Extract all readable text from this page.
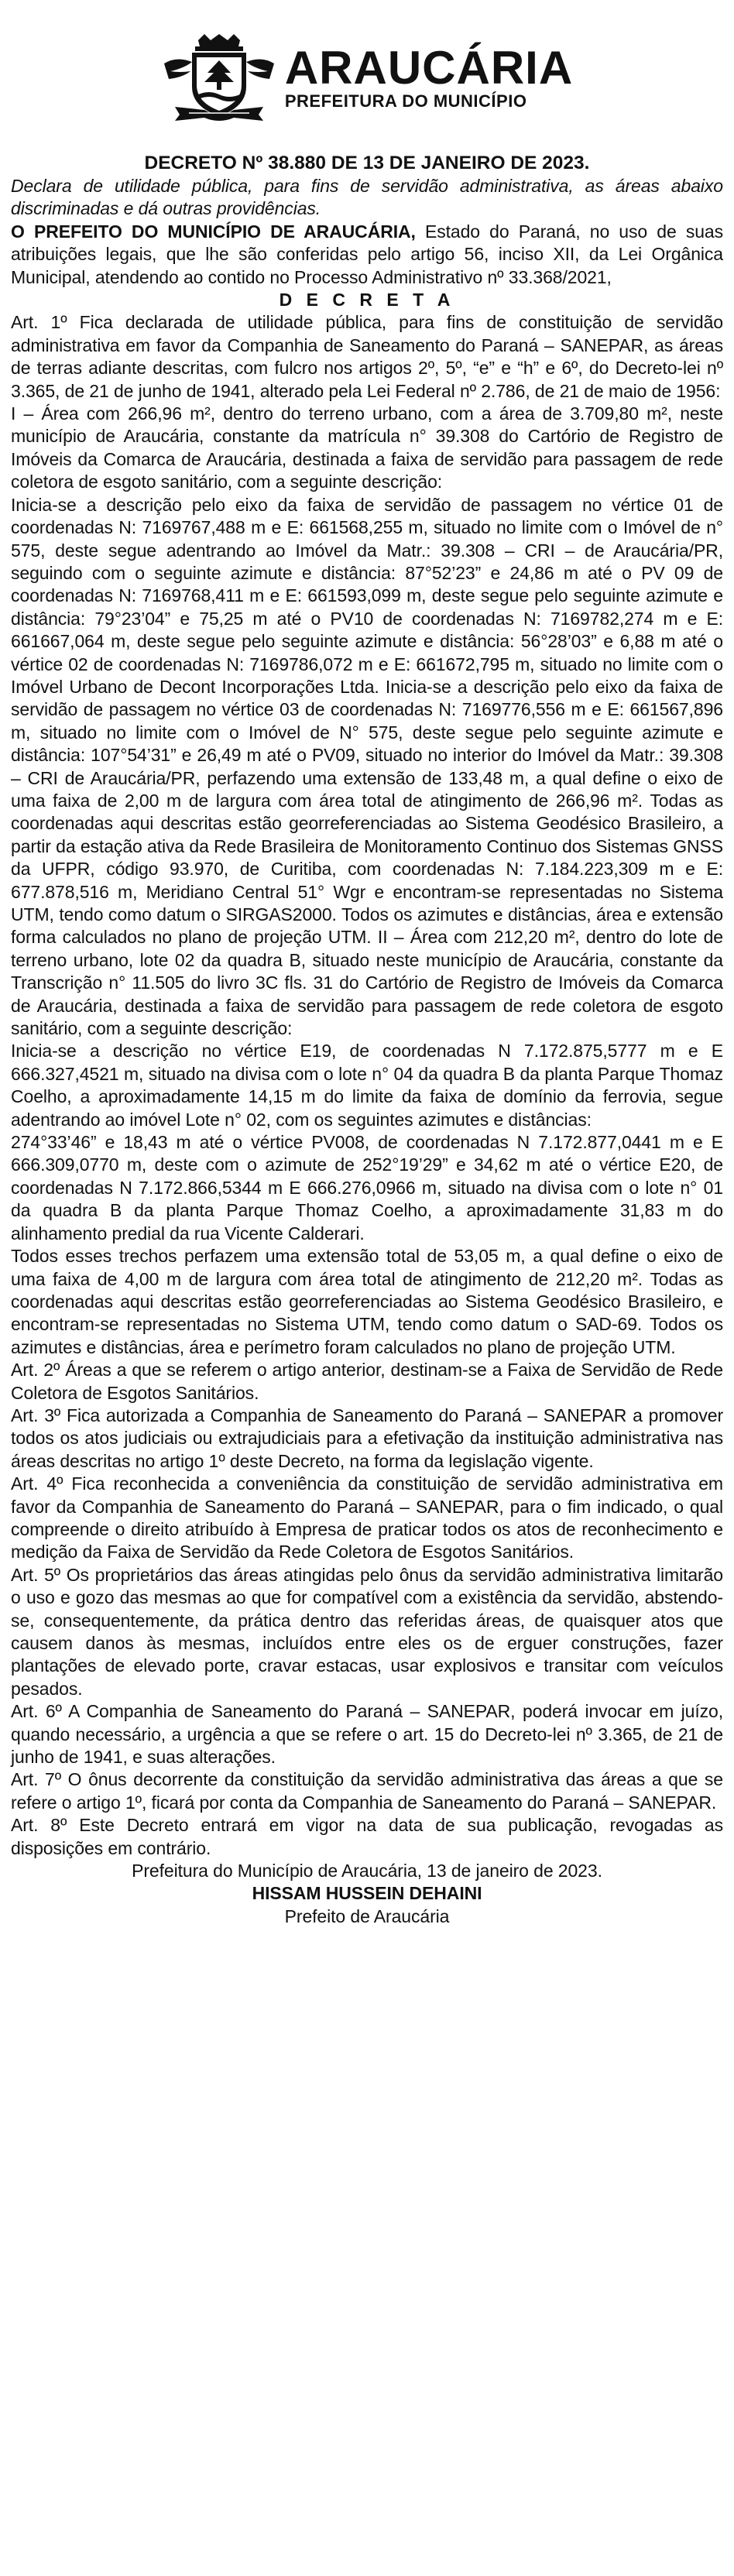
ARAUCÁRIA
PREFEITURA DO MUNICÍPIO
DECRETO Nº 38.880 DE 13 DE JANEIRO DE 2023.

Declara de utilidade pública, para fins de servidão administrativa, as áreas abaixo discriminadas e dá outras providências.

O PREFEITO DO MUNICÍPIO DE ARAUCÁRIA, Estado do Paraná, no uso de suas atribuições legais, que lhe são conferidas pelo artigo 56, inciso XII, da Lei Orgânica Municipal, atendendo ao contido no Processo Administrativo nº 33.368/2021,

D E C R E T A

Art. 1º Fica declarada de utilidade pública, para fins de constituição de servidão administrativa em favor da Companhia de Saneamento do Paraná – SANEPAR, as áreas de terras adiante descritas, com fulcro nos artigos 2º, 5º, “e” e “h” e 6º, do Decreto-lei nº 3.365, de 21 de junho de 1941, alterado pela Lei Federal nº 2.786, de 21 de maio de 1956:

I – Área com 266,96 m², dentro do terreno urbano, com a área de 3.709,80 m², neste município de Araucária, constante da matrícula n° 39.308 do Cartório de Registro de Imóveis da Comarca de Araucária, destinada a faixa de servidão para passagem de rede coletora de esgoto sanitário, com a seguinte descrição:

Inicia-se a descrição pelo eixo da faixa de servidão de passagem no vértice 01 de coordenadas N: 7169767,488 m e E: 661568,255 m, situado no limite com o Imóvel de n° 575, deste segue adentrando ao Imóvel da Matr.: 39.308 – CRI – de Araucária/PR, seguindo com o seguinte azimute e distância: 87°52’23” e 24,86 m até o PV 09 de coordenadas N: 7169768,411 m e E: 661593,099 m, deste segue pelo seguinte azimute e distância: 79°23’04” e 75,25 m até o PV10 de coordenadas N: 7169782,274 m e E: 661667,064 m, deste segue pelo seguinte azimute e distância: 56°28’03” e 6,88 m até o vértice 02 de coordenadas N: 7169786,072 m e E: 661672,795 m, situado no limite com o Imóvel Urbano de Decont Incorporações Ltda. Inicia-se a descrição pelo eixo da faixa de servidão de passagem no vértice 03 de coordenadas N: 7169776,556 m e E: 661567,896 m, situado no limite com o Imóvel de N° 575, deste segue pelo seguinte azimute e distância: 107°54’31” e 26,49 m até o PV09, situado no interior do Imóvel da Matr.: 39.308 – CRI de Araucária/PR, perfazendo uma extensão de 133,48 m, a qual define o eixo de uma faixa de 2,00 m de largura com área total de atingimento de 266,96 m². Todas as coordenadas aqui descritas estão georreferenciadas ao Sistema Geodésico Brasileiro, a partir da estação ativa da Rede Brasileira de Monitoramento Continuo dos Sistemas GNSS da UFPR, código 93.970, de Curitiba, com coordenadas N: 7.184.223,309 m e E: 677.878,516 m, Meridiano Central 51° Wgr e encontram-se representadas no Sistema UTM, tendo como datum o SIRGAS2000. Todos os azimutes e distâncias, área e extensão forma calculados no plano de projeção UTM. II – Área com 212,20 m², dentro do lote de terreno urbano, lote 02 da quadra B, situado neste município de Araucária, constante da Transcrição n° 11.505 do livro 3C fls. 31 do Cartório de Registro de Imóveis da Comarca de Araucária, destinada a faixa de servidão para passagem de rede coletora de esgoto sanitário, com a seguinte descrição:

Inicia-se a descrição no vértice E19, de coordenadas N 7.172.875,5777 m e E 666.327,4521 m, situado na divisa com o lote n° 04 da quadra B da planta Parque Thomaz Coelho, a aproximadamente 14,15 m do limite da faixa de domínio da ferrovia, segue adentrando ao imóvel Lote n° 02, com os seguintes azimutes e distâncias:

274°33’46” e 18,43 m até o vértice PV008, de coordenadas N 7.172.877,0441 m e E 666.309,0770 m, deste com o azimute de 252°19’29” e 34,62 m até o vértice E20, de coordenadas N 7.172.866,5344 m E 666.276,0966 m, situado na divisa com o lote n° 01 da quadra B da planta Parque Thomaz Coelho, a aproximadamente 31,83 m do alinhamento predial da rua Vicente Calderari.

Todos esses trechos perfazem uma extensão total de 53,05 m, a qual define o eixo de uma faixa de 4,00 m de largura com área total de atingimento de 212,20 m². Todas as coordenadas aqui descritas estão georreferenciadas ao Sistema Geodésico Brasileiro, e encontram-se representadas no Sistema UTM, tendo como datum o SAD-69. Todos os azimutes e distâncias, área e perímetro foram calculados no plano de projeção UTM.

Art. 2º Áreas a que se referem o artigo anterior, destinam-se a Faixa de Servidão de Rede Coletora de Esgotos Sanitários.

Art. 3º Fica autorizada a Companhia de Saneamento do Paraná – SANEPAR a promover todos os atos judiciais ou extrajudiciais para a efetivação da instituição administrativa nas áreas descritas no artigo 1º deste Decreto, na forma da legislação vigente.

Art. 4º Fica reconhecida a conveniência da constituição de servidão administrativa em favor da Companhia de Saneamento do Paraná – SANEPAR, para o fim indicado, o qual compreende o direito atribuído à Empresa de praticar todos os atos de reconhecimento e medição da Faixa de Servidão da Rede Coletora de Esgotos Sanitários.

Art. 5º Os proprietários das áreas atingidas pelo ônus da servidão administrativa limitarão o uso e gozo das mesmas ao que for compatível com a existência da servidão, abstendo-se, consequentemente, da prática dentro das referidas áreas, de quaisquer atos que causem danos às mesmas, incluídos entre eles os de erguer construções, fazer plantações de elevado porte, cravar estacas, usar explosivos e transitar com veículos pesados.

Art. 6º A Companhia de Saneamento do Paraná – SANEPAR, poderá invocar em juízo, quando necessário, a urgência a que se refere o art. 15 do Decreto-lei nº 3.365, de 21 de junho de 1941, e suas alterações.

Art. 7º O ônus decorrente da constituição da servidão administrativa das áreas a que se refere o artigo 1º, ficará por conta da Companhia de Saneamento do Paraná – SANEPAR.

Art. 8º Este Decreto entrará em vigor na data de sua publicação, revogadas as disposições em contrário.

Prefeitura do Município de Araucária, 13 de janeiro de 2023.

HISSAM HUSSEIN DEHAINI

Prefeito de Araucária
